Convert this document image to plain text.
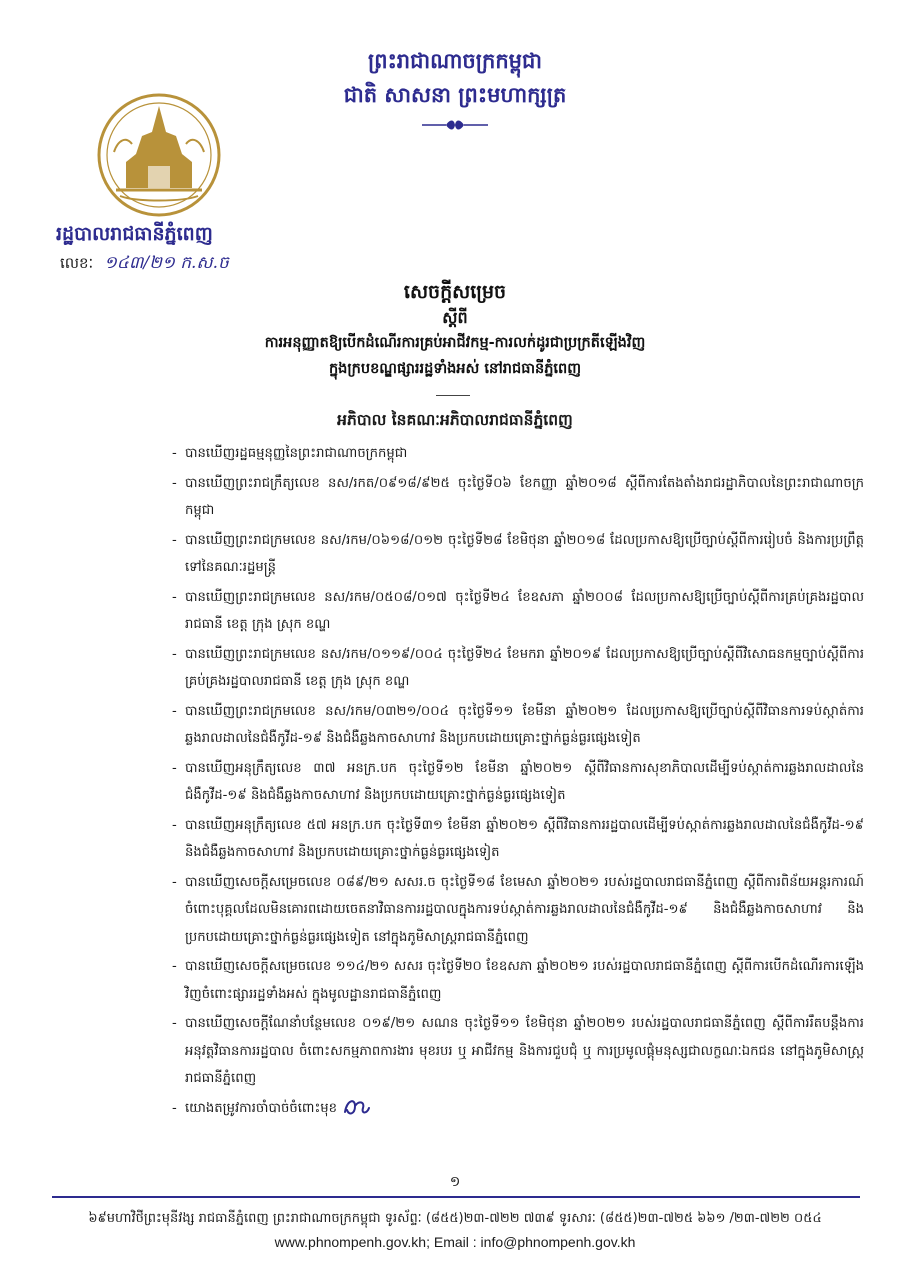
ព្រះរាជាណាចក្រកម្ពុជា
ជាតិ សាសនា ព្រះមហាក្សត្រ
រដ្ឋបាលរាជធានីភ្នំពេញ
លេខៈ ១៤៣/២១ ក.ស.ច
សេចក្តីសម្រេច
ស្តីពី
ការអនុញ្ញាតឱ្យបើកដំណើរការគ្រប់អាជីវកម្ម-ការលក់ដូរជាប្រក្រតីឡើងវិញ
ក្នុងក្របខណ្ឌផ្សាររដ្ឋទាំងអស់ នៅរាជធានីភ្នំពេញ
អភិបាល នៃគណៈអភិបាលរាជធានីភ្នំពេញ
- បានឃើញរដ្ឋធម្មនុញ្ញនៃព្រះរាជាណាចក្រកម្ពុជា
- បានឃើញព្រះរាជក្រឹត្យលេខ នស/រកត/០៩១៨/៩២៥ ចុះថ្ងៃទី០៦ ខែកញ្ញា ឆ្នាំ២០១៨ ស្តីពីការតែងតាំងរាជរដ្ឋាភិបាលនៃព្រះរាជាណាចក្រកម្ពុជា
- បានឃើញព្រះរាជក្រមលេខ នស/រកម/០៦១៨/០១២ ចុះថ្ងៃទី២៨ ខែមិថុនា ឆ្នាំ២០១៨ ដែលប្រកាសឱ្យប្រើច្បាប់ស្តីពីការរៀបចំ និងការប្រព្រឹត្តទៅនៃគណៈរដ្ឋមន្ត្រី
- បានឃើញព្រះរាជក្រមលេខ នស/រកម/០៥០៨/០១៧ ចុះថ្ងៃទី២៤ ខែឧសភា ឆ្នាំ២០០៨ ដែលប្រកាសឱ្យប្រើច្បាប់ស្តីពីការគ្រប់គ្រងរដ្ឋបាលរាជធានី ខេត្ត ក្រុង ស្រុក ខណ្ឌ
- បានឃើញព្រះរាជក្រមលេខ នស/រកម/០១១៩/០០៤ ចុះថ្ងៃទី២៤ ខែមករា ឆ្នាំ២០១៩ ដែលប្រកាសឱ្យប្រើច្បាប់ស្តីពីវិសោធនកម្មច្បាប់ស្តីពីការគ្រប់គ្រងរដ្ឋបាលរាជធានី ខេត្ត ក្រុង ស្រុក ខណ្ឌ
- បានឃើញព្រះរាជក្រមលេខ នស/រកម/០៣២១/០០៤ ចុះថ្ងៃទី១១ ខែមីនា ឆ្នាំ២០២១ ដែលប្រកាសឱ្យប្រើច្បាប់ស្តីពីវិធានការទប់ស្កាត់ការឆ្លងរាលដាលនៃជំងឺកូវីដ-១៩ និងជំងឺឆ្លងកាចសាហាវ និងប្រកបដោយគ្រោះថ្នាក់ធ្ងន់ធ្ងរផ្សេងទៀត
- បានឃើញអនុក្រឹត្យលេខ ៣៧ អនក្រ.បក ចុះថ្ងៃទី១២ ខែមីនា ឆ្នាំ២០២១ ស្តីពីវិធានការសុខាភិបាលដើម្បីទប់ស្កាត់ការឆ្លងរាលដាលនៃជំងឺកូវីដ-១៩ និងជំងឺឆ្លងកាចសាហាវ និងប្រកបដោយគ្រោះថ្នាក់ធ្ងន់ធ្ងរផ្សេងទៀត
- បានឃើញអនុក្រឹត្យលេខ ៥៧ អនក្រ.បក ចុះថ្ងៃទី៣១ ខែមីនា ឆ្នាំ២០២១ ស្តីពីវិធានការរដ្ឋបាលដើម្បីទប់ស្កាត់ការឆ្លងរាលដាលនៃជំងឺកូវីដ-១៩ និងជំងឺឆ្លងកាចសាហាវ និងប្រកបដោយគ្រោះថ្នាក់ធ្ងន់ធ្ងរផ្សេងទៀត
- បានឃើញសេចក្តីសម្រេចលេខ ០៨៩/២១ សសរ.ច ចុះថ្ងៃទី១៨ ខែមេសា ឆ្នាំ២០២១ របស់រដ្ឋបាលរាជធានីភ្នំពេញ ស្តីពីការពិន័យអន្តរការណ៍ចំពោះបុគ្គលដែលមិនគោរពដោយចេតនាវិធានការរដ្ឋបាលក្នុងការទប់ស្កាត់ការឆ្លងរាលដាលនៃជំងឺកូវីដ-១៩ និងជំងឺឆ្លងកាចសាហាវ និងប្រកបដោយគ្រោះថ្នាក់ធ្ងន់ធ្ងរផ្សេងទៀត នៅក្នុងភូមិសាស្ត្ររាជធានីភ្នំពេញ
- បានឃើញសេចក្តីសម្រេចលេខ ១១៤/២១ សសរ ចុះថ្ងៃទី២០ ខែឧសភា ឆ្នាំ២០២១ របស់រដ្ឋបាលរាជធានីភ្នំពេញ ស្តីពីការបើកដំណើរការឡើងវិញចំពោះផ្សាររដ្ឋទាំងអស់ ក្នុងមូលដ្ឋានរាជធានីភ្នំពេញ
- បានឃើញសេចក្តីណែនាំបន្ថែមលេខ ០១៩/២១ សណន ចុះថ្ងៃទី១១ ខែមិថុនា ឆ្នាំ២០២១ របស់រដ្ឋបាលរាជធានីភ្នំពេញ ស្តីពីការរឹតបន្តឹងការអនុវត្តវិធានការរដ្ឋបាល ចំពោះសកម្មភាពការងារ មុខរបរ ឬ អាជីវកម្ម និងការជួបជុំ ឬ ការប្រមូលផ្តុំមនុស្សជាលក្ខណៈឯកជន នៅក្នុងភូមិសាស្ត្ររាជធានីភ្នំពេញ
- យោងតម្រូវការចាំបាច់ចំពោះមុខ
១
៦៩មហាវិថីព្រះមុនីវង្ស រាជធានីភ្នំពេញ ព្រះរាជាណាចក្រកម្ពុជា ទូរស័ព្ទៈ (៨៥៥)២៣-៧២២ ៧៣៩ ទូរសារៈ (៨៥៥)២៣-៧២៥ ៦៦១ /២៣-៧២២ ០៥៤
www.phnompenh.gov.kh; Email : info@phnompenh.gov.kh
